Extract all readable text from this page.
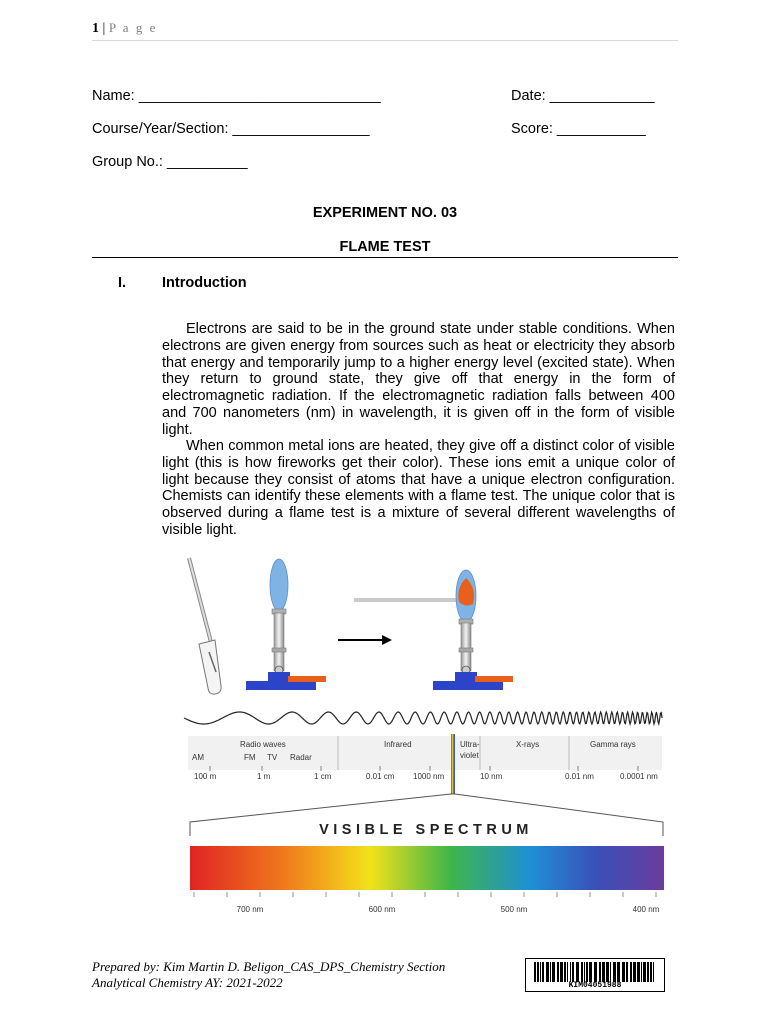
1 | P a g e
Name: ______________________________	Date: _____________
Course/Year/Section: _________________	Score: ___________
Group No.: __________
EXPERIMENT NO. 03
FLAME TEST
I. Introduction

Electrons are said to be in the ground state under stable conditions. When electrons are given energy from sources such as heat or electricity they absorb that energy and temporarily jump to a higher energy level (excited state). When they return to ground state, they give off that energy in the form of electromagnetic radiation. If the electromagnetic radiation falls between 400 and 700 nanometers (nm) in wavelength, it is given off in the form of visible light.

When common metal ions are heated, they give off a distinct color of visible light (this is how fireworks get their color). These ions emit a unique color of light because they consist of atoms that have a unique electron configuration. Chemists can identify these elements with a flame test. The unique color that is observed during a flame test is a mixture of several different wavelengths of visible light.

Radio waves
AM	FM TV Radar
Infrared	Ultra-
violet
X-rays	Gamma rays
100 m	1 m	1 cm	0.01 cm 1000 nm	10 nm	0.01 nm	0.0001 nm
VISIBLE SPECTRUM
700 nm	600 nm	500 nm	400 nm
Prepared by: Kim Martin D. Beligon_CAS_DPS_Chemistry Section
Analytical Chemistry AY: 2021-2022	KIM04051988
